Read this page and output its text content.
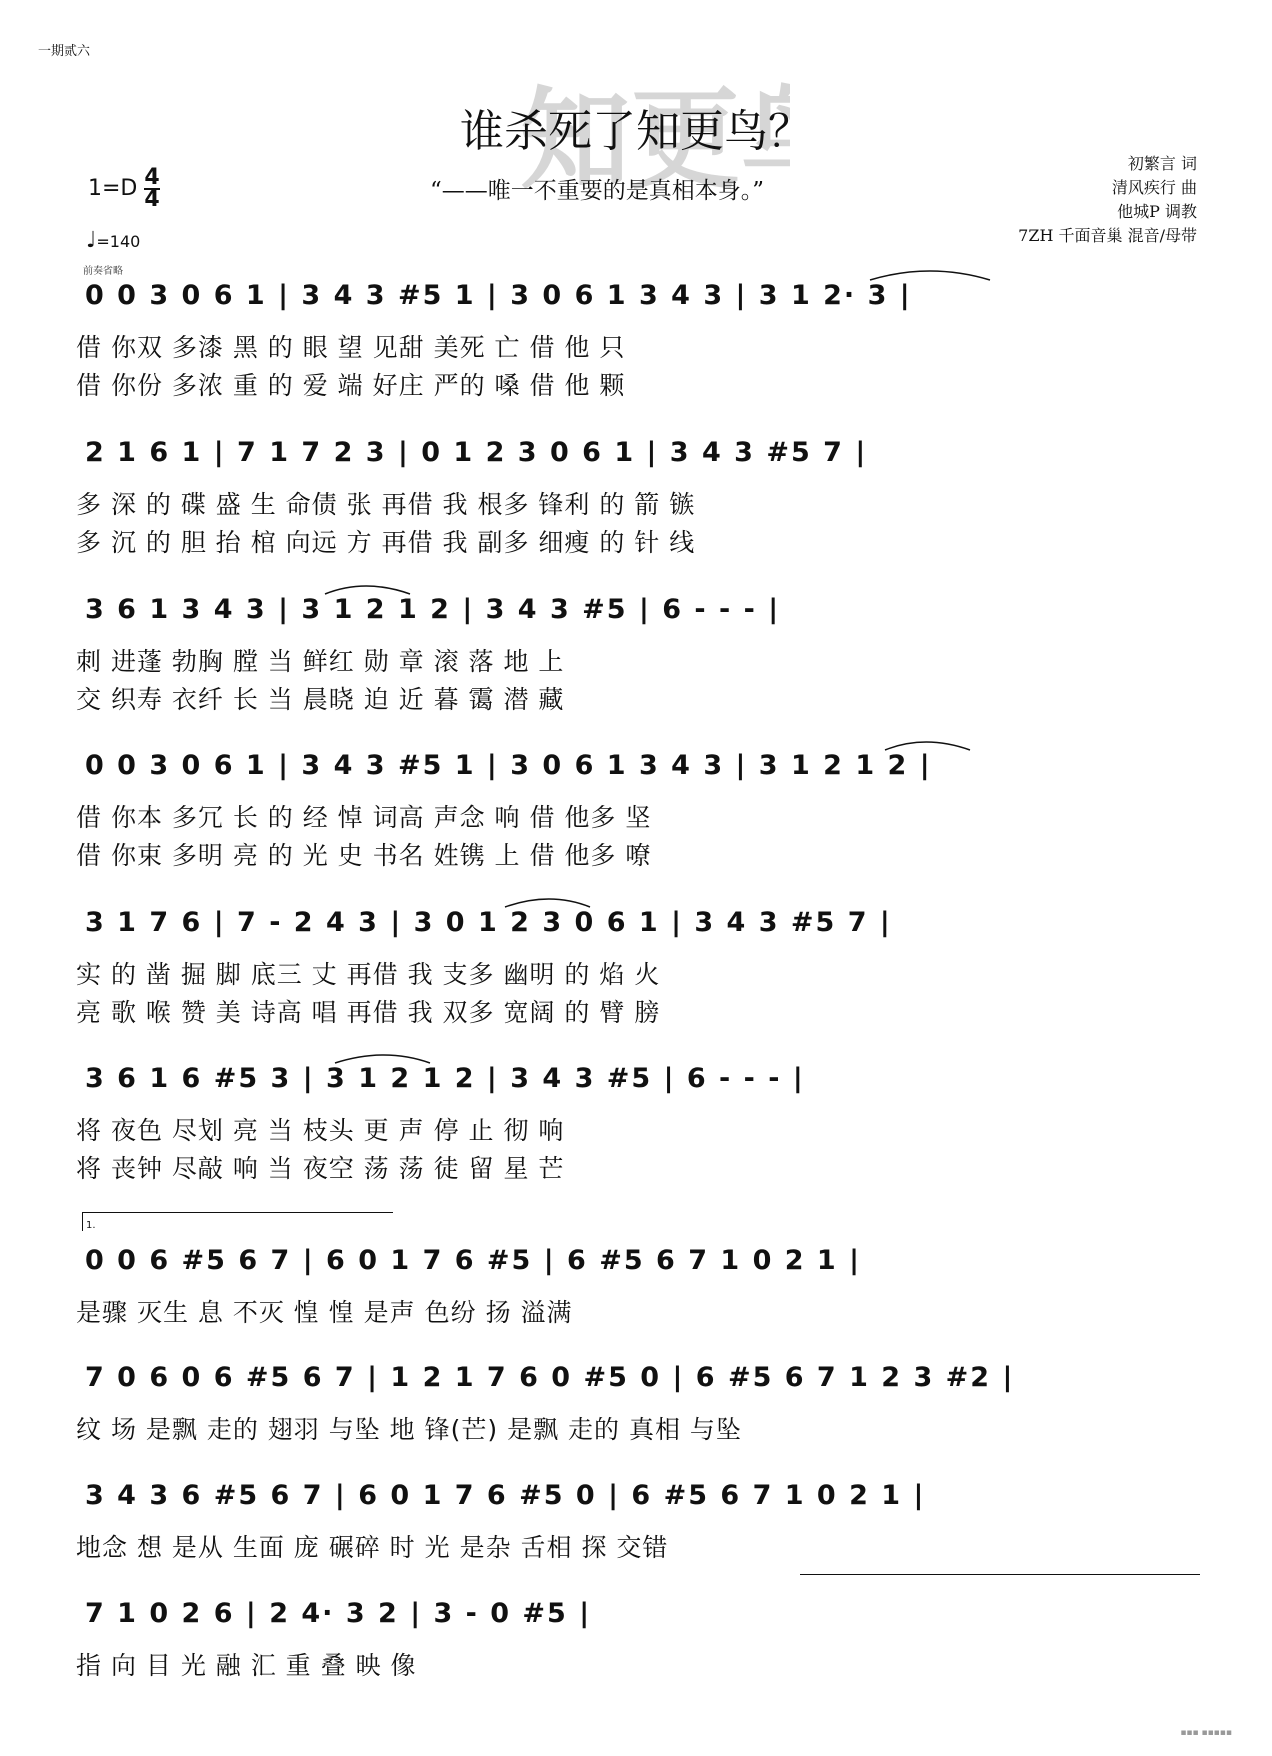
知更
一期贰六
谁杀死了知更鸟？
“——唯一不重要的是真相本身。”
$1=D \frac{4}{4}$
♩=140
前奏省略
初繁言 词
清风疾行 曲
他城P 调教
7ZH 千面音巢 混音/母带
0 0 3 0 6 1 | 3 4 3 #5 1 | 3 0 6 1 3 4 3 | 3 1 2· 3 |
借 你双 多漆 黑 的 眼 望 见甜 美死 亡 借 他 只
借 你份 多浓 重 的 爱 端 好庄 严的 嗓 借 他 颗
2 1 6 1 | 7 1 7 2 3 | 0 1 2 3 0 6 1 | 3 4 3 #5 7 |
多 深 的 碟 盛 生 命债 张 再借 我 根多 锋利 的 箭 镞
多 沉 的 胆 抬 棺 向远 方 再借 我 副多 细瘦 的 针 线
3 6 1 3 4 3 | 3 1 2 1 2 | 3 4 3 #5 | 6 - - - |
刺 进蓬 勃胸 膛 当 鲜红 勋 章 滚 落 地 上
交 织寿 衣纤 长 当 晨晓 迫 近 暮 霭 潜 藏
0 0 3 0 6 1 | 3 4 3 #5 1 | 3 0 6 1 3 4 3 | 3 1 2 1 2 |
借 你本 多冗 长 的 经 悼 词高 声念 响 借 他多 坚
借 你束 多明 亮 的 光 史 书名 姓镌 上 借 他多 嘹
3 1 7 6 | 7 - 2 4 3 | 3 0 1 2 3 0 6 1 | 3 4 3 #5 7 |
实 的 凿 掘 脚 底三 丈 再借 我 支多 幽明 的 焰 火
亮 歌 喉 赞 美 诗高 唱 再借 我 双多 宽阔 的 臂 膀
3 6 1 6 #5 3 | 3 1 2 1 2 | 3 4 3 #5 | 6 - - - |
将 夜色 尽划 亮 当 枝头 更 声 停 止 彻 响
将 丧钟 尽敲 响 当 夜空 荡 荡 徒 留 星 芒
1.
0 0 6 #5 6 7 | 6 0 1 7 6 #5 | 6 #5 6 7 1 0 2 1 |
是骤 灭生 息 不灭 惶 惶 是声 色纷 扬 溢满
7 0 6 0 6 #5 6 7 | 1 2 1 7 6 0 #5 0 | 6 #5 6 7 1 2 3 #2 |
纹 场 是飘 走的 翅羽 与坠 地 锋(芒) 是飘 走的 真相 与坠
3 4 3 6 #5 6 7 | 6 0 1 7 6 #5 0 | 6 #5 6 7 1 0 2 1 |
地念 想 是从 生面 庞 碾碎 时 光 是杂 舌相 探 交错
7 1 0 2 6 | 2 4· 3 2 | 3 - 0 #5 |
指 向 目 光 融 汇 重 叠 映 像
▪▪▪ ▪▪▪▪▪
